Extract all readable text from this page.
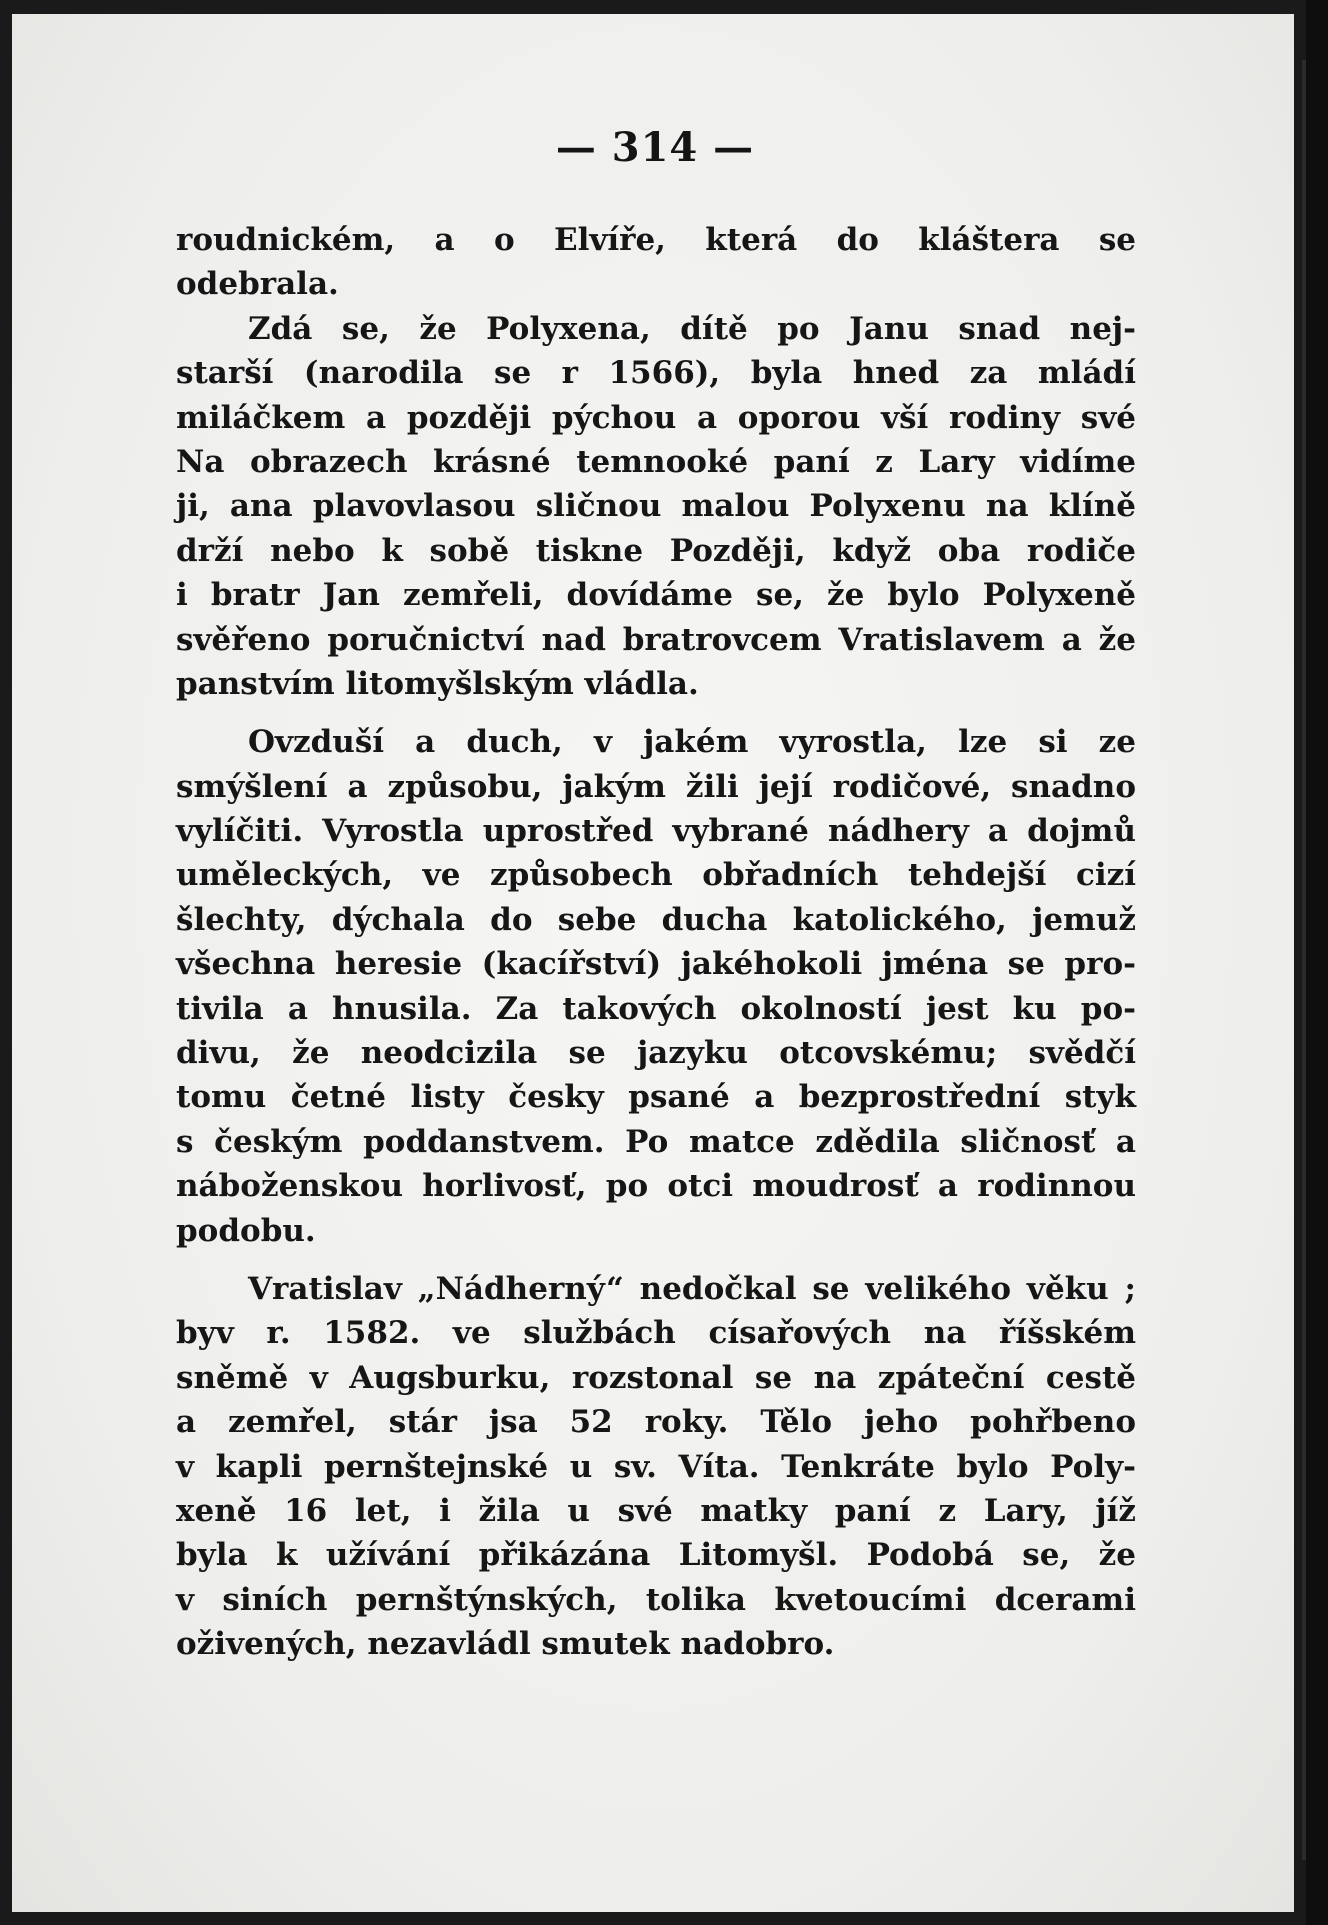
— 314 —

roudnickém, a o Elvíře, která do kláštera se
odebrala.
Zdá se, že Polyxena, dítě po Janu snad nej-
starší (narodila se r 1566), byla hned za mládí
miláčkem a později pýchou a oporou vší rodiny své
Na obrazech krásné temnooké paní z Lary vidíme
ji, ana plavovlasou sličnou malou Polyxenu na klíně
drží nebo k sobě tiskne Později, když oba rodiče
i bratr Jan zemřeli, dovídáme se, že bylo Polyxeně
svěřeno poručnictví nad bratrovcem Vratislavem a že
panstvím litomyšlským vládla.
Ovzduší a duch, v jakém vyrostla, lze si ze
smýšlení a způsobu, jakým žili její rodičové, snadno
vylíčiti. Vyrostla uprostřed vybrané nádhery a dojmů
uměleckých, ve způsobech obřadních tehdejší cizí
šlechty, dýchala do sebe ducha katolického, jemuž
všechna heresie (kacířství) jakéhokoli jména se pro-
tivila a hnusila. Za takových okolností jest ku po-
divu, že neodcizila se jazyku otcovskému; svědčí
tomu četné listy česky psané a bezprostřední styk
s českým poddanstvem. Po matce zdědila sličnosť a
náboženskou horlivosť, po otci moudrosť a rodinnou
podobu.
Vratislav „Nádherný“ nedočkal se velikého věku ;
byv r. 1582. ve službách císařových na říšském
sněmě v Augsburku, rozstonal se na zpáteční cestě
a zemřel, stár jsa 52 roky. Tělo jeho pohřbeno
v kapli pernštejnské u sv. Víta. Tenkráte bylo Poly-
xeně 16 let, i žila u své matky paní z Lary, jíž
byla k užívání přikázána Litomyšl. Podobá se, že
v siních pernštýnských, tolika kvetoucími dcerami
oživených, nezavládl smutek nadobro.
